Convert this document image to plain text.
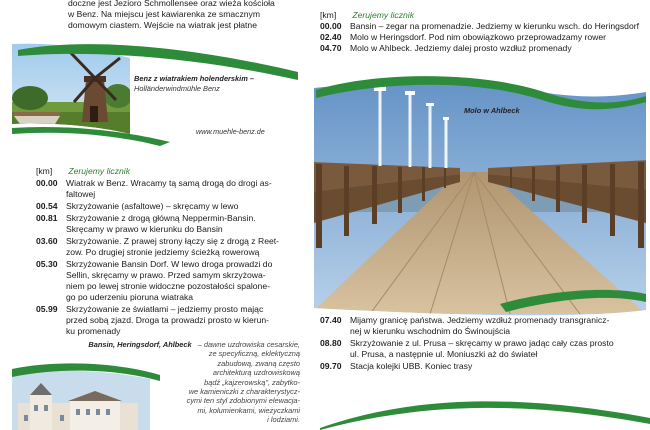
doczne jest Jezioro Schmollensee oraz wieża kościoła
w Benz. Na miejscu jest kawiarenka ze smacznym
domowym ciastem. Wejście na wiatrak jest płatne
Benz z wiatrakiem holenderskim –
Holländerwindmühle Benz
www.muehle-benz.de
[km] Zerujemy licznik
00.00 Wiatrak w Benz. Wracamy tą samą drogą do drogi as-
faltowej
00.54 Skrzyżowanie (asfaltowe) – skręcamy w lewo
00.81 Skrzyżowanie z drogą główną Neppermin-Bansin.
Skręcamy w prawo w kierunku do Bansin
03.60 Skrzyżowanie. Z prawej strony łączy się z drogą z Reet-
zow. Po drugiej stronie jedziemy ścieżką rowerową
05.30 Skrzyżowanie Bansin Dorf. W lewo droga prowadzi do
Sellin, skręcamy w prawo. Przed samym skrzyżowa-
niem po lewej stronie widoczne pozostałości spalone-
go po uderzeniu pioruna wiatraka
05.99 Skrzyżowanie ze światłami – jedziemy prosto mając
przed sobą zjazd. Droga ta prowadzi prosto w kierun-
ku promenady
Bansin, Heringsdorf, Ahlbeck – dawne uzdrowiska cesarskie,
ze specyficzną, eklektyczną
zabudową, zwaną często
architekturą uzdrowiskową
bądź „kajzerowską", zabytko-
we kamieniczki z charakterystycz-
cymi ten styl zdobionymi elewacja-
mi, kolumienkami, wieżyczkami
i lodziami.
[km] Zerujemy licznik
00.00 Bansin – zegar na promenadzie. Jedziemy w kierunku wsch. do Heringsdorf
02.40 Molo w Heringsdorf. Pod nim obowiązkowo przeprowadzamy rower
04.70 Molo w Ahlbeck. Jedziemy dalej prosto wzdłuż promenady
Molo w Ahlbeck
07.40 Mijamy granicę państwa. Jedziemy wzdłuż promenady transgranicz-
nej w kierunku wschodnim do Świnoujścia
08.80 Skrzyżowanie z ul. Prusa – skręcamy w prawo jadąc cały czas prosto
ul. Prusa, a następnie ul. Moniuszki aż do świateł
09.70 Stacja kolejki UBB. Koniec trasy
